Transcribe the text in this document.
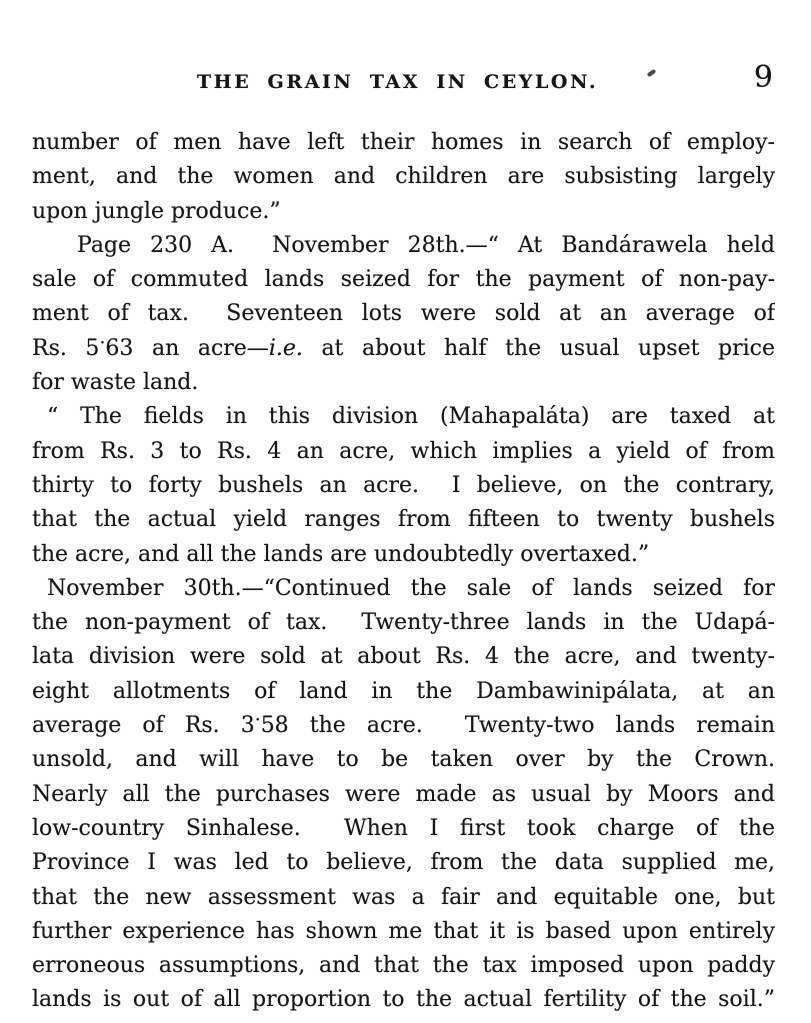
THE GRAIN TAX IN CEYLON.	9
number of men have left their homes in search of employ-
ment, and the women and children are subsisting largely
upon jungle produce.”
Page 230 A.  November 28th.—“ At Bandárawela held
sale of commuted lands seized for the payment of non-pay-
ment of tax.  Seventeen lots were sold at an average of
Rs. 5·63 an acre—i.e. at about half the usual upset price
for waste land.
“ The fields in this division (Mahapaláta) are taxed at
from Rs. 3 to Rs. 4 an acre, which implies a yield of from
thirty to forty bushels an acre.  I believe, on the contrary,
that the actual yield ranges from fifteen to twenty bushels
the acre, and all the lands are undoubtedly overtaxed.”
November 30th.—“Continued the sale of lands seized for
the non-payment of tax.  Twenty-three lands in the Udapá-
lata division were sold at about Rs. 4 the acre, and twenty-
eight allotments of land in the Dambawinipálata, at an
average of Rs. 3·58 the acre.  Twenty-two lands remain
unsold, and will have to be taken over by the Crown.
Nearly all the purchases were made as usual by Moors and
low-country Sinhalese.  When I first took charge of the
Province I was led to believe, from the data supplied me,
that the new assessment was a fair and equitable one, but
further experience has shown me that it is based upon entirely
erroneous assumptions, and that the tax imposed upon paddy
lands is out of all proportion to the actual fertility of the soil.”
